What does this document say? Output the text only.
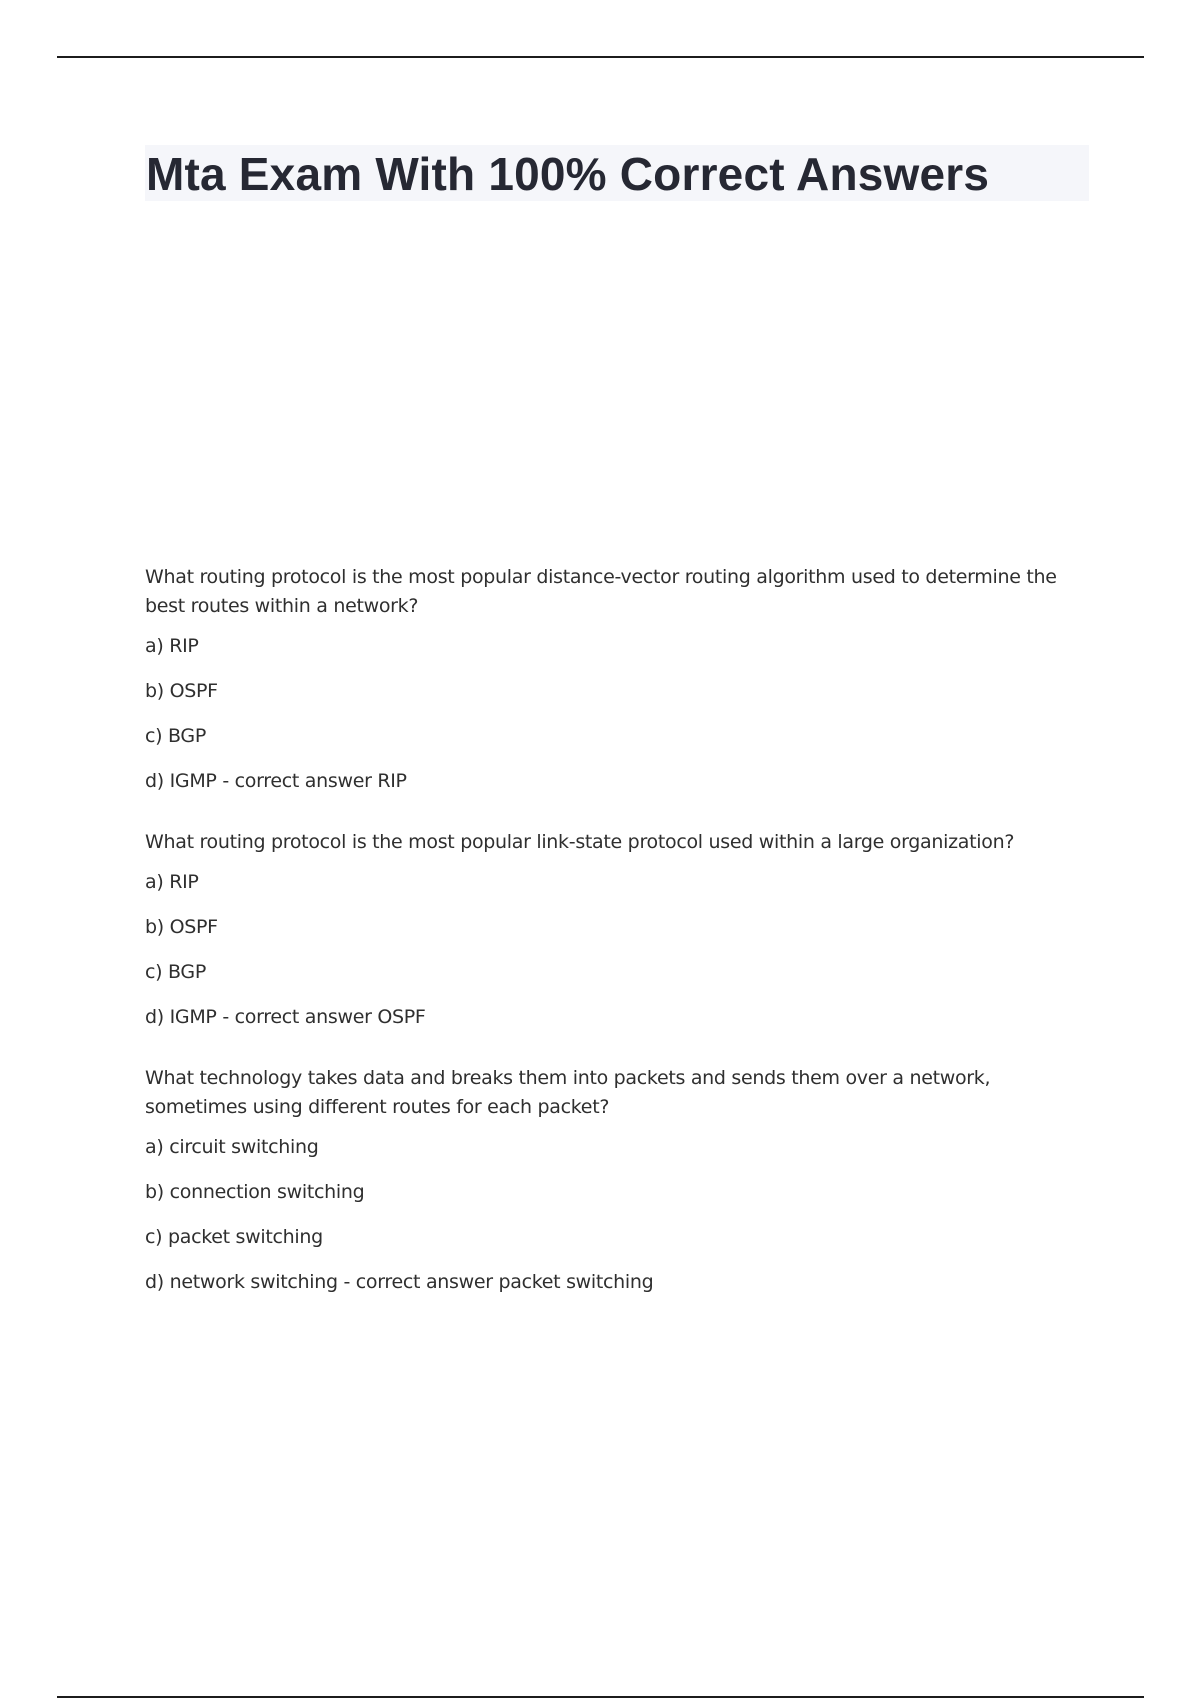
Mta Exam With 100% Correct Answers

What routing protocol is the most popular distance-vector routing algorithm used to determine the best routes within a network?

a) RIP

b) OSPF

c) BGP

d) IGMP - correct answer RIP

What routing protocol is the most popular link-state protocol used within a large organization?

a) RIP

b) OSPF

c) BGP

d) IGMP - correct answer OSPF

What technology takes data and breaks them into packets and sends them over a network, sometimes using different routes for each packet?

a) circuit switching

b) connection switching

c) packet switching

d) network switching - correct answer packet switching
